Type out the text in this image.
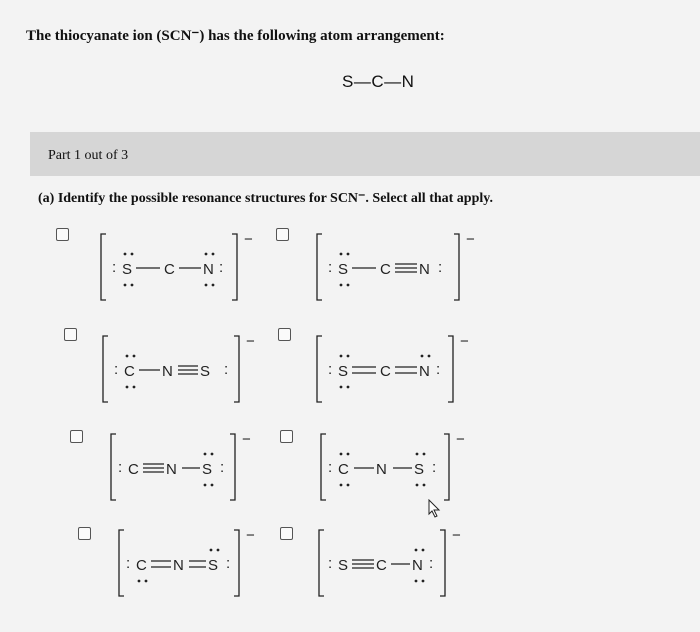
The thiocyanate ion (SCN⁻) has the following atom arrangement:
S—C—N
Part 1 out of 3
(a) Identify the possible resonance structures for SCN⁻. Select all that apply.
−
: S C N :
−
: S C N :
−
: C N S :
−
: S C N :
−
: C N S :
−
: C N S :
−
: C N S :
−
: S C N :
